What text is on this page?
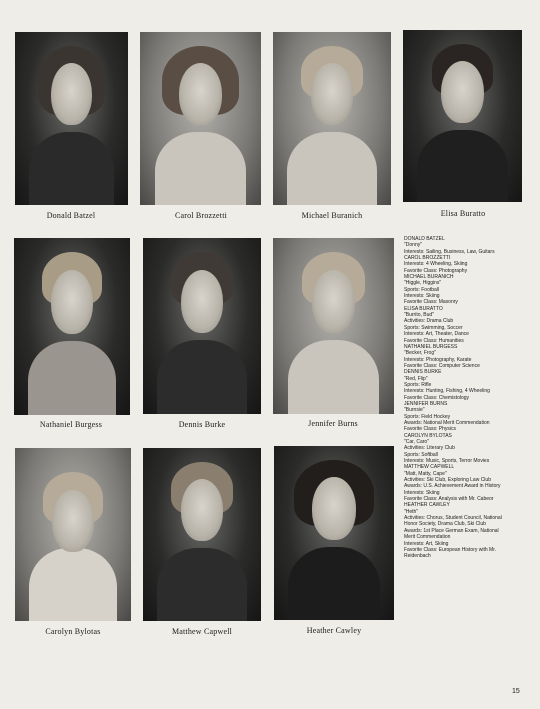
Donald Batzel	Carol Brozzetti	Michael Buranich	Elisa Buratto
Nathaniel Burgess	Dennis Burke	Jennifer Burns
Carolyn Bylotas	Matthew Capwell	Heather Cawley
DONALD BATZEL
"Donny"
Interests: Sailing, Business, Law, Guitars
CAROL BROZZETTI
Interests: 4 Wheeling, Skiing
Favorite Class: Photography
MICHAEL BURANICH
"Higgle, Higgins"
Sports: Football
Interests: Skiing
Favorite Class: Masonry
ELISA BURATTO
"Burrito, Bud"
Activities: Drama Club
Sports: Swimming, Soccer
Interests: Art, Theater, Dance
Favorite Class: Humanities
NATHANIEL BURGESS
"Becker, Frog"
Interests: Photography, Karate
Favorite Class: Computer Science
DENNIS BURKE
"Red, Flip"
Sports: Rifle
Interests: Hunting, Fishing, 4 Wheeling
Favorite Class: Chemistology
JENNIFER BURNS
"Burnsie"
Sports: Field Hockey
Awards: National Merit Commendation
Favorite Class: Physics
CAROLYN BYLOTAS
"Car, Caro"
Activities: Literary Club
Sports: Softball
Interests: Music, Sports, Terror Movies
MATTHEW CAPWELL
"Matt, Matty, Cape"
Activities: Ski Club, Exploring Law Club
Awards: U.S. Achievement Award in History
Interests: Skiing
Favorite Class: Analysis with Mr. Cabeor
HEATHER CAWLEY
"Heth"
Activities: Chorus, Student Council, National
Honor Society, Drama Club, Ski Club
Awards: 1st Place German Exam, National
Merit Commendation
Interests: Art, Skiing
Favorite Class: European History with Mr.
Reidenbach
15
